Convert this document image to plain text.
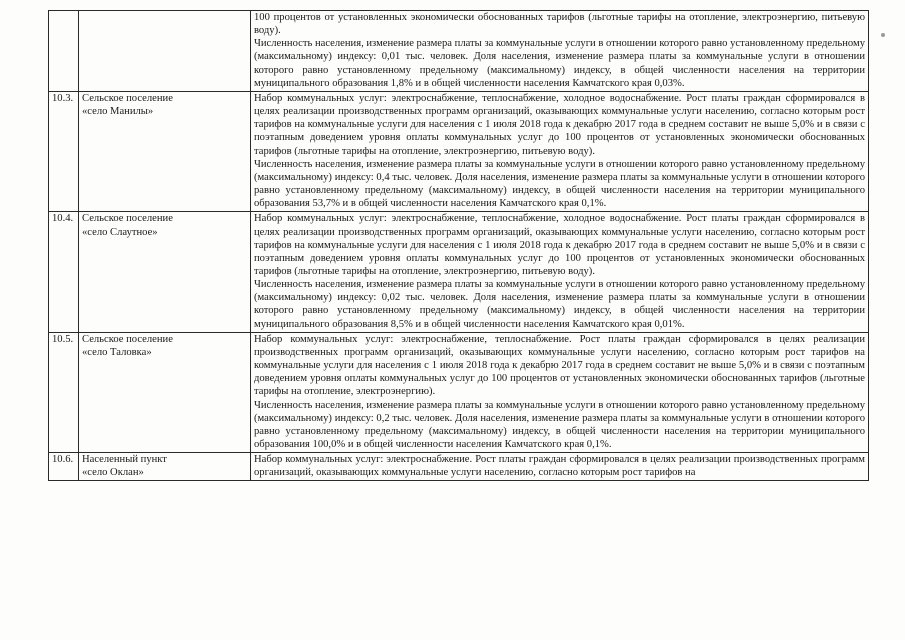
		100 процентов от установленных экономически обоснованных тарифов (льготные тарифы на отопление, электроэнергию, питьевую воду).
Численность населения, изменение размера платы за коммунальные услуги в отношении которого равно установленному предельному (максимальному) индексу: 0,01 тыс. человек. Доля населения, изменение размера платы за коммунальные услуги в отношении которого равно установленному предельному (максимальному) индексу, в общей численности населения на территории муниципального образования 1,8% и в общей численности населения Камчатского края 0,03%.

10.3.	Сельское поселение
«село Манилы»	Набор коммунальных услуг: электроснабжение, теплоснабжение, холодное водоснабжение. Рост платы граждан сформировался в целях реализации производственных программ организаций, оказывающих коммунальные услуги населению, согласно которым рост тарифов на коммунальные услуги для населения с 1 июля 2018 года к декабрю 2017 года в среднем составит не выше 5,0% и в связи с поэтапным доведением уровня оплаты коммунальных услуг до 100 процентов от установленных экономически обоснованных тарифов (льготные тарифы на отопление, электроэнергию, питьевую воду).
Численность населения, изменение размера платы за коммунальные услуги в отношении которого равно установленному предельному (максимальному) индексу: 0,4 тыс. человек. Доля населения, изменение размера платы за коммунальные услуги в отношении которого равно установленному предельному (максимальному) индексу, в общей численности населения на территории муниципального образования 53,7% и в общей численности населения Камчатского края 0,1%.

10.4.	Сельское поселение
«село Слаутное»	Набор коммунальных услуг: электроснабжение, теплоснабжение, холодное водоснабжение. Рост платы граждан сформировался в целях реализации производственных программ организаций, оказывающих коммунальные услуги населению, согласно которым рост тарифов на коммунальные услуги для населения с 1 июля 2018 года к декабрю 2017 года в среднем составит не выше 5,0% и в связи с поэтапным доведением уровня оплаты коммунальных услуг до 100 процентов от установленных экономически обоснованных тарифов (льготные тарифы на отопление, электроэнергию, питьевую воду).
Численность населения, изменение размера платы за коммунальные услуги в отношении которого равно установленному предельному (максимальному) индексу: 0,02 тыс. человек. Доля населения, изменение размера платы за коммунальные услуги в отношении которого равно установленному предельному (максимальному) индексу, в общей численности населения на территории муниципального образования 8,5% и в общей численности населения Камчатского края 0,01%.

10.5.	Сельское поселение
«село Таловка»	Набор коммунальных услуг: электроснабжение, теплоснабжение. Рост платы граждан сформировался в целях реализации производственных программ организаций, оказывающих коммунальные услуги населению, согласно которым рост тарифов на коммунальные услуги для населения с 1 июля 2018 года к декабрю 2017 года в среднем составит не выше 5,0% и в связи с поэтапным доведением уровня оплаты коммунальных услуг до 100 процентов от установленных экономически обоснованных тарифов (льготные тарифы на отопление, электроэнергию).
Численность населения, изменение размера платы за коммунальные услуги в отношении которого равно установленному предельному (максимальному) индексу: 0,2 тыс. человек. Доля населения, изменение размера платы за коммунальные услуги в отношении которого равно установленному предельному (максимальному) индексу, в общей численности населения на территории муниципального образования 100,0% и в общей численности населения Камчатского края 0,1%.

10.6.	Населенный пункт
«село Оклан»	Набор коммунальных услуг: электроснабжение. Рост платы граждан сформировался в целях реализации производственных программ организаций, оказывающих коммунальные услуги населению, согласно которым рост тарифов на
